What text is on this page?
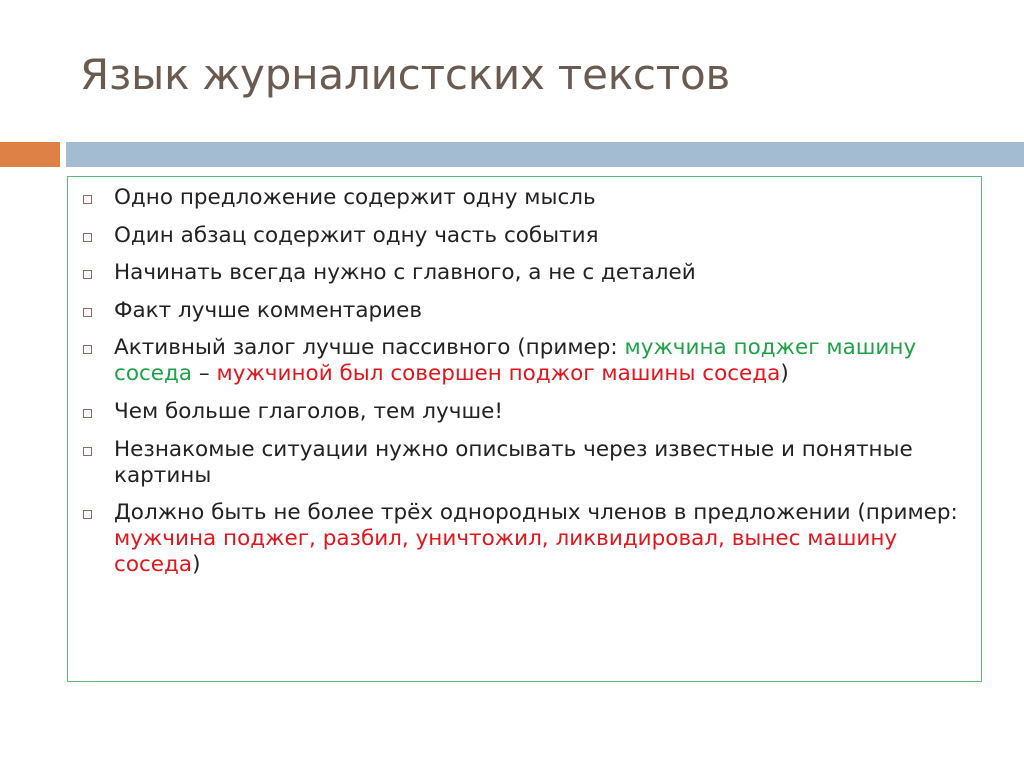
Язык журналистских текстов
Одно предложение содержит одну мысль
Один абзац содержит одну часть события
Начинать всегда нужно с главного, а не с деталей
Факт лучше комментариев
Активный залог лучше пассивного (пример: мужчина поджег машину соседа – мужчиной был совершен поджог машины соседа)
Чем больше глаголов, тем лучше!
Незнакомые ситуации нужно описывать через известные и понятные картины
Должно быть не более трёх однородных членов в предложении (пример: мужчина поджег, разбил, уничтожил, ликвидировал, вынес машину соседа)
